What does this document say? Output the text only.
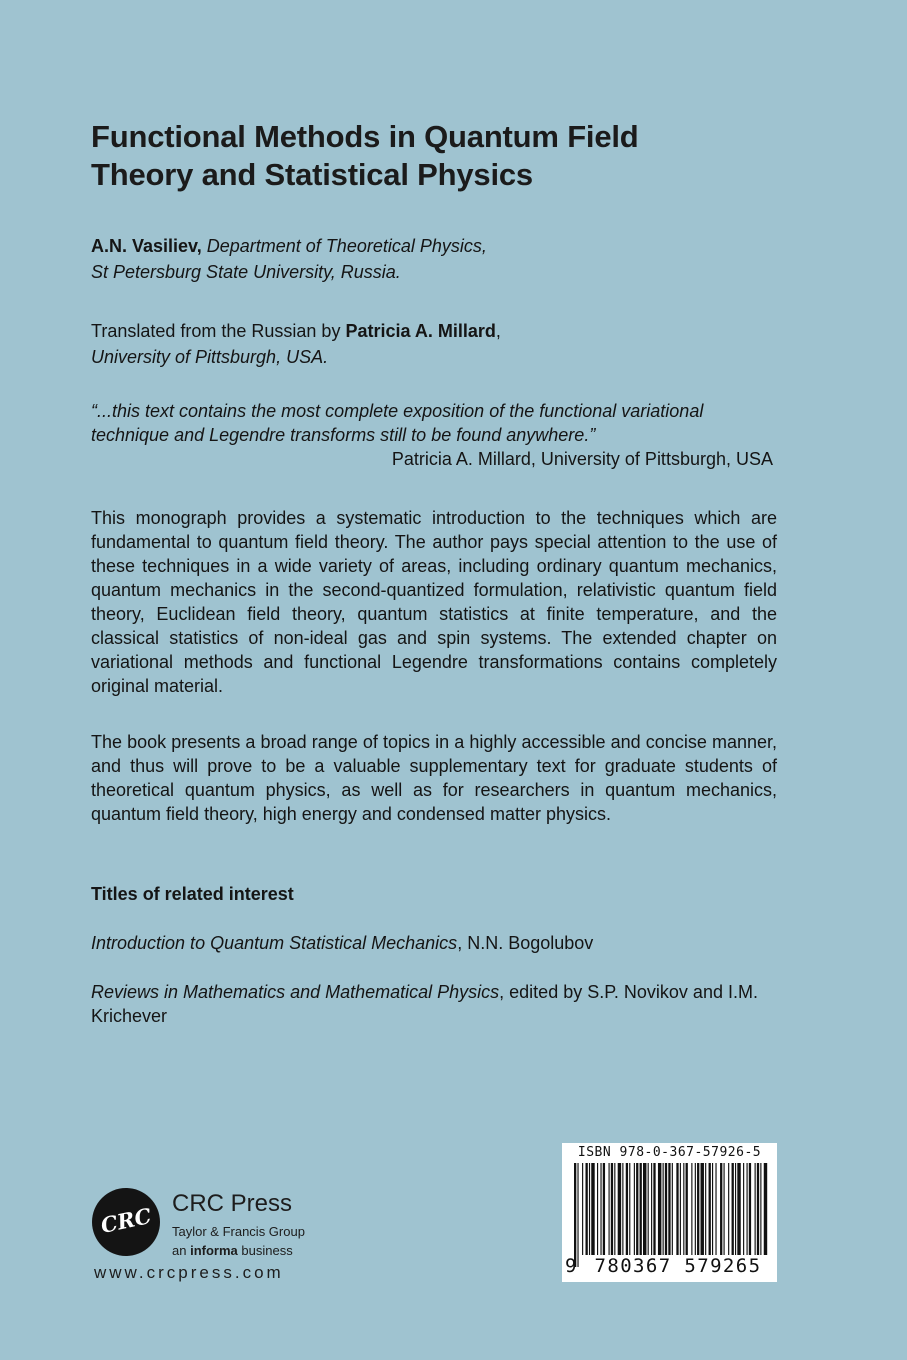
Functional Methods in Quantum Field
Theory and Statistical Physics
A.N. Vasiliev, Department of Theoretical Physics,
St Petersburg State University, Russia.
Translated from the Russian by Patricia A. Millard,
University of Pittsburgh, USA.
“...this text contains the most complete exposition of the functional variational technique and Legendre transforms still to be found anywhere.”
Patricia A. Millard, University of Pittsburgh, USA
This monograph provides a systematic introduction to the techniques which are fundamental to quantum field theory. The author pays special attention to the use of these techniques in a wide variety of areas, including ordinary quantum mechanics, quantum mechanics in the second-quantized formulation, relativistic quantum field theory, Euclidean field theory, quantum statistics at finite temperature, and the classical statistics of non-ideal gas and spin systems. The extended chapter on variational methods and functional Legendre transformations contains completely original material.
The book presents a broad range of topics in a highly accessible and concise manner, and thus will prove to be a valuable supplementary text for graduate students of theoretical quantum physics, as well as for researchers in quantum mechanics, quantum field theory, high energy and condensed matter physics.
Titles of related interest
Introduction to Quantum Statistical Mechanics, N.N. Bogolubov
Reviews in Mathematics and Mathematical Physics, edited by S.P. Novikov and I.M. Krichever
CRC CRC Press
Taylor & Francis Group
an informa business
www.crcpress.com
ISBN 978-0-367-57926-5
9 780367 579265
